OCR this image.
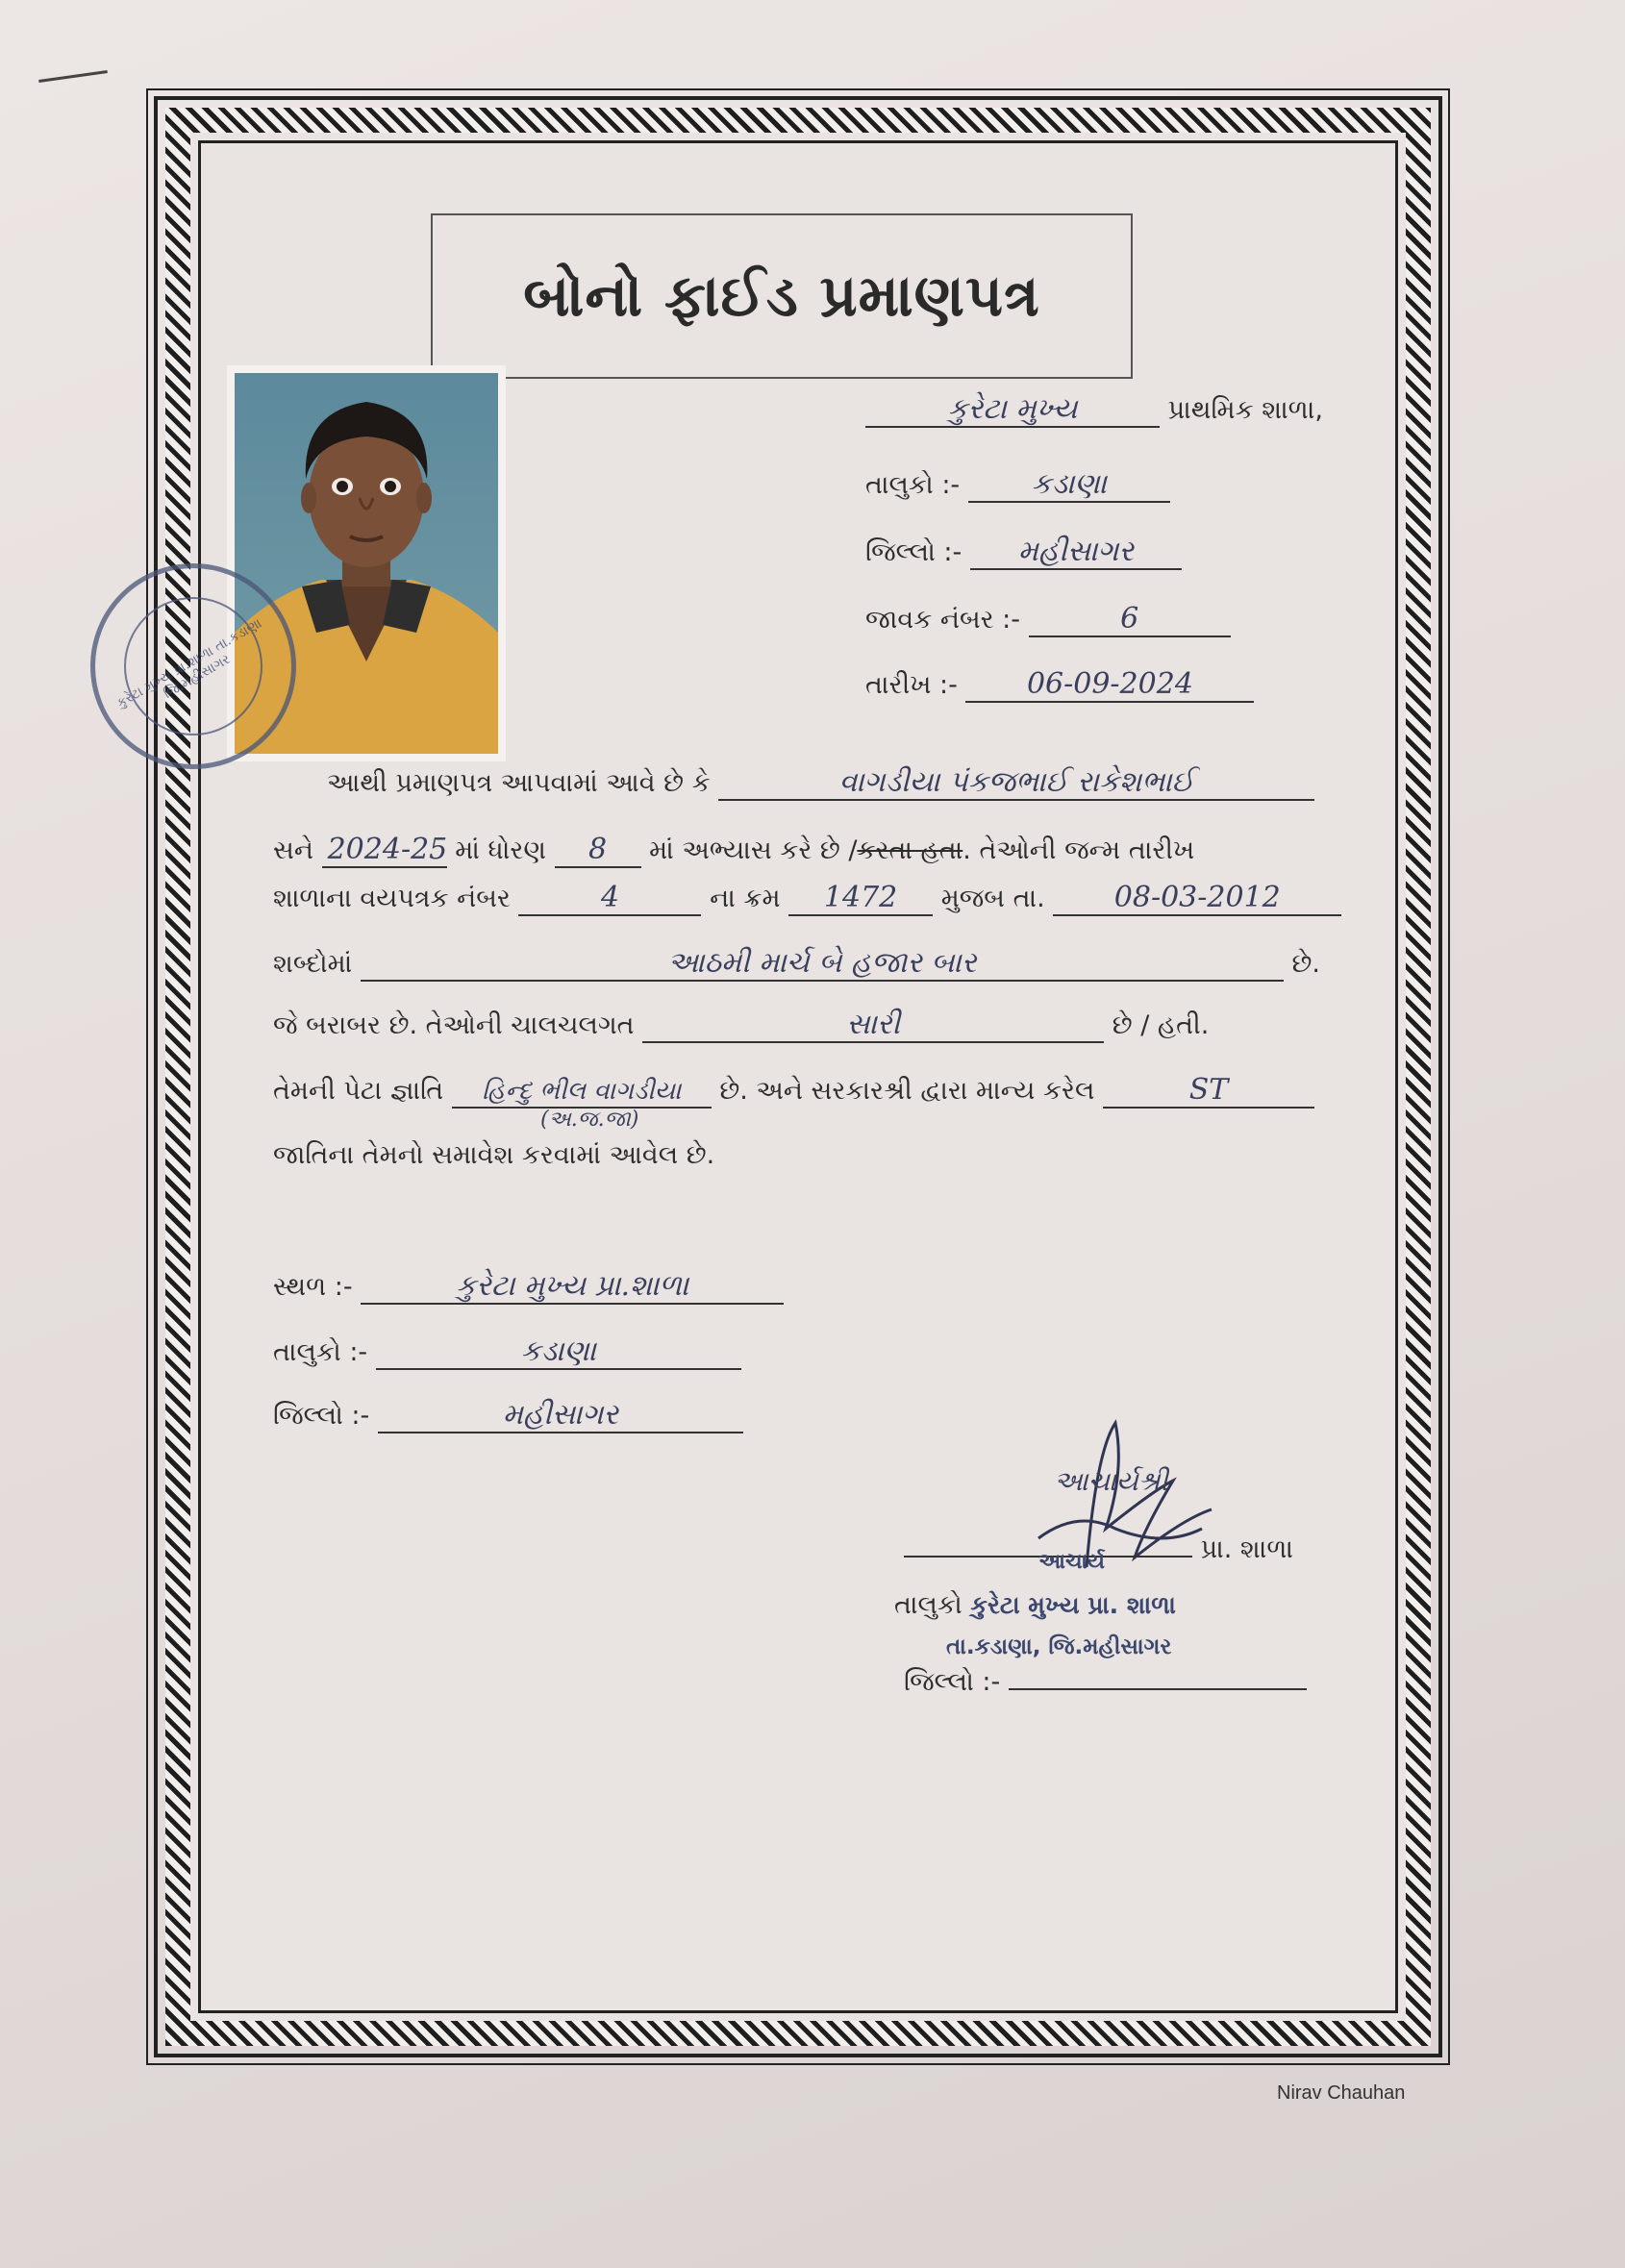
બોનો ફાઈડ પ્રમાણપત્ર
કુરેટા મુખ્ય પ્રા.શાળા તા.કડાણા જિ.મહીસાગર
કુરેટા મુખ્ય	પ્રાથમિક શાળા,
તાલુકો :- કડાણા
જિલ્લો :- મહીસાગર
જાવક નંબર :-	6
તારીખ :- 06-09-2024
આથી પ્રમાણપત્ર આપવામાં આવે છે કે	વાગડીયા પંકજભાઈ રાકેશભાઈ
સને 2024-25 માં ધોરણ 8 માં અભ્યાસ કરે છે /કરતા હતા. તેઓની જન્મ તારીખ
શાળાના વયપત્રક નંબર	4	ના ક્રમ 1472 મુજબ તા. 08-03-2012
શબ્દોમાં	આઠમી માર્ચ બે હજાર બાર	છે.
જે બરાબર છે. તેઓની ચાલચલગત	સારી	છે / હતી.
તેમની પેટા જ્ઞાતિ હિન્દુ ભીલ વાગડીયા છે. અને સરકારશ્રી દ્વારા માન્ય કરેલ	ST
(અ.જ.જા)
જાતિના તેમનો સમાવેશ કરવામાં આવેલ છે.
સ્થળ :-	કુરેટા મુખ્ય પ્રા.શાળા
તાલુકો :-	કડાણા
જિલ્લો :-	મહીસાગર
આચાર્યશ્રી
પ્રા. શાળા
આચાર્ય
તાલુકો કુરેટા મુખ્ય પ્રા. શાળા
તા.કડાણા, જિ.મહીસાગર
જિલ્લો :-
Nirav Chauhan
